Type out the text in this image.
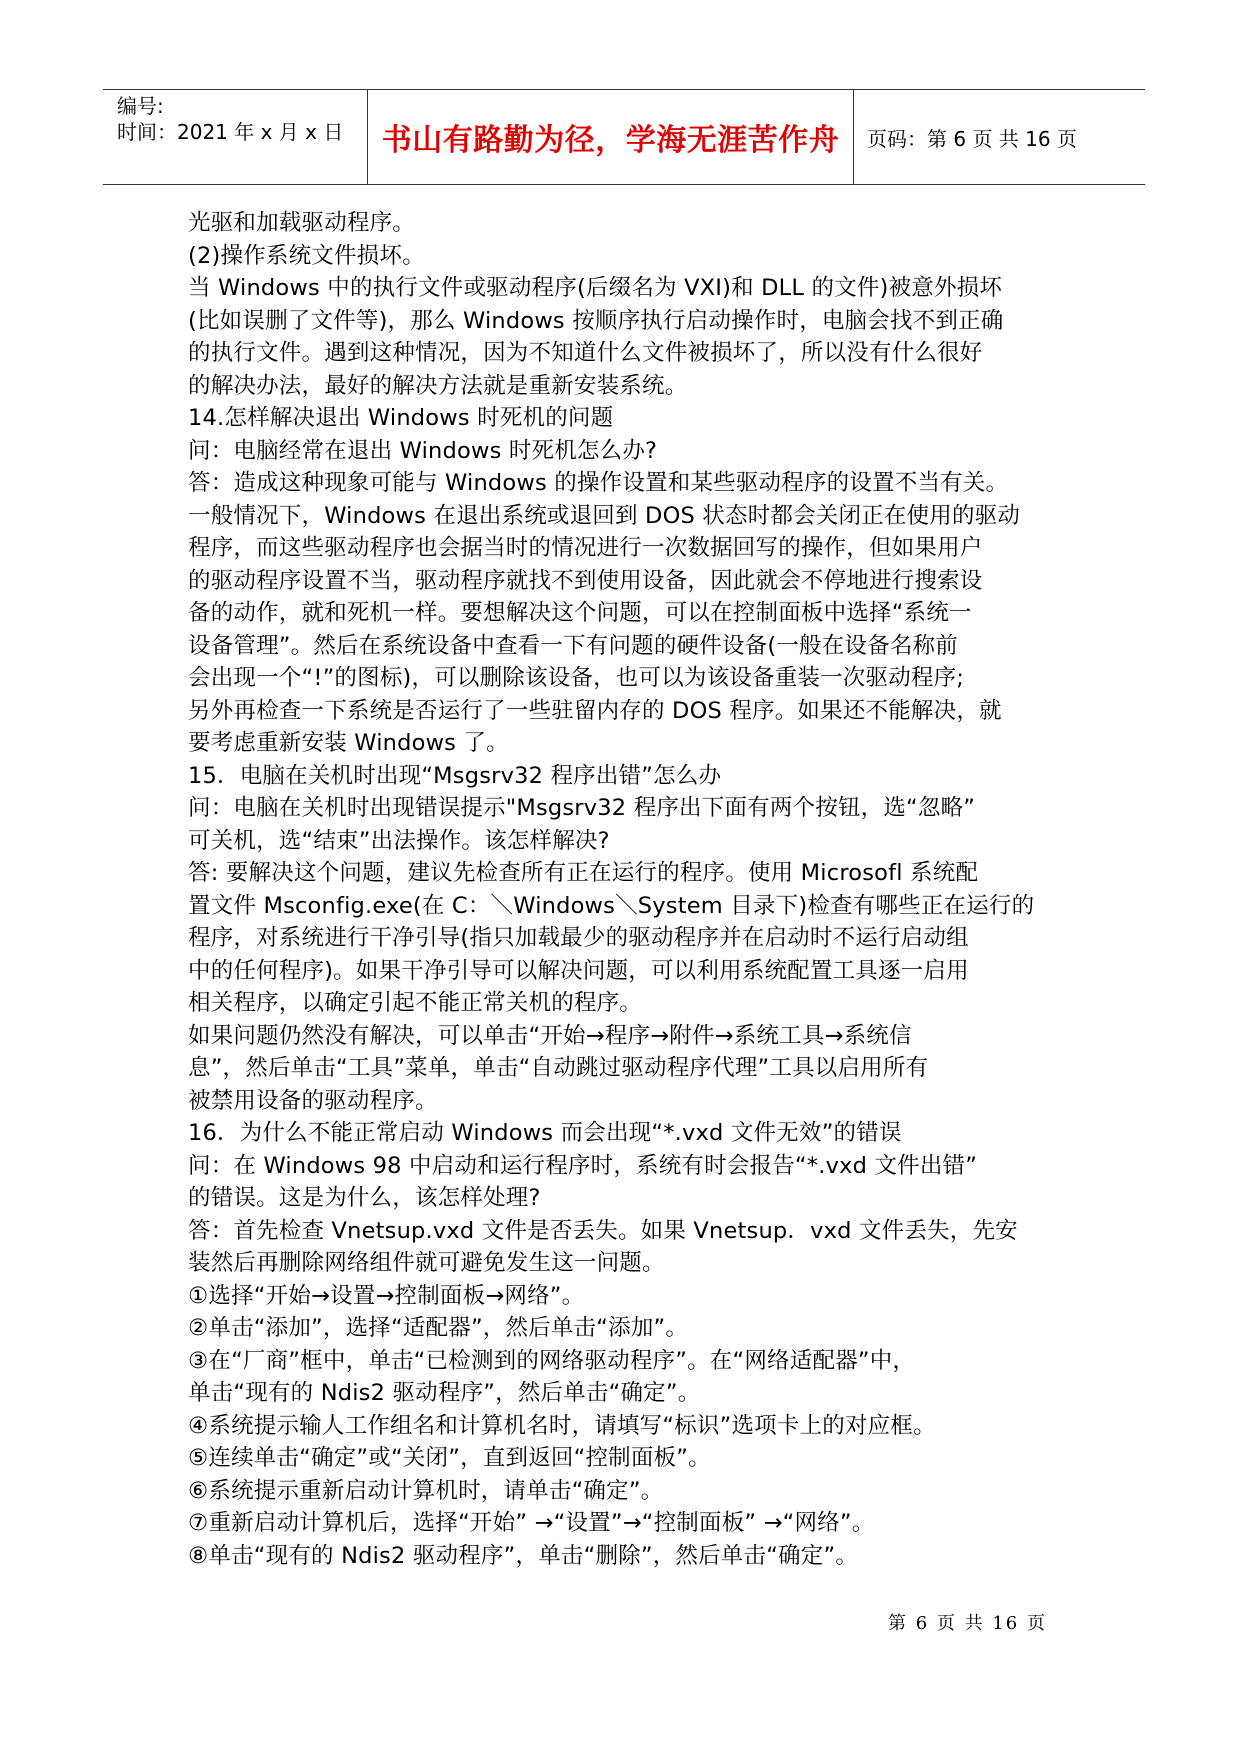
编号:
时间：2021 年 x 月 x 日 书山有路勤为径，学海无涯苦作舟 页码：第 6 页 共 16 页
光驱和加载驱动程序。
(2)操作系统文件损坏。
当 Windows 中的执行文件或驱动程序(后缀名为 VXI)和 DLL 的文件)被意外损坏
(比如误删了文件等)，那么 Windows 按顺序执行启动操作时，电脑会找不到正确
的执行文件。遇到这种情况，因为不知道什么文件被损坏了，所以没有什么很好
的解决办法，最好的解决方法就是重新安装系统。
14.怎样解决退出 Windows 时死机的问题
问：电脑经常在退出 Windows 时死机怎么办?
答：造成这种现象可能与 Windows 的操作设置和某些驱动程序的设置不当有关。
一般情况下，Windows 在退出系统或退回到 DOS 状态时都会关闭正在使用的驱动
程序，而这些驱动程序也会据当时的情况进行一次数据回写的操作，但如果用户
的驱动程序设置不当，驱动程序就找不到使用设备，因此就会不停地进行搜索设
备的动作，就和死机一样。要想解决这个问题，可以在控制面板中选择“系统一
设备管理”。然后在系统设备中查看一下有问题的硬件设备(一般在设备名称前
会出现一个“!”的图标)，可以删除该设备，也可以为该设备重装一次驱动程序;
另外再检查一下系统是否运行了一些驻留内存的 DOS 程序。如果还不能解决，就
要考虑重新安装 Windows 了。
15．电脑在关机时出现“Msgsrv32 程序出错”怎么办
问：电脑在关机时出现错误提示"Msgsrv32 程序出下面有两个按钮，选“忽略”
可关机，选“结束”出法操作。该怎样解决?
答: 要解决这个问题，建议先检查所有正在运行的程序。使用 Microsofl 系统配
置文件 Msconfig.exe(在 C：＼Windows＼System 目录下)检查有哪些正在运行的
程序，对系统进行干净引导(指只加载最少的驱动程序并在启动时不运行启动组
中的任何程序)。如果干净引导可以解决问题，可以利用系统配置工具逐一启用
相关程序，以确定引起不能正常关机的程序。
如果问题仍然没有解决，可以单击“开始→程序→附件→系统工具→系统信
息”，然后单击“工具”菜单，单击“自动跳过驱动程序代理”工具以启用所有
被禁用设备的驱动程序。
16．为什么不能正常启动 Windows 而会出现“*.vxd 文件无效”的错误
问：在 Windows 98 中启动和运行程序时，系统有时会报告“*.vxd 文件出错”
的错误。这是为什么，该怎样处理?
答：首先检查 Vnetsup.vxd 文件是否丢失。如果 Vnetsup．vxd 文件丢失，先安
装然后再删除网络组件就可避免发生这一问题。
①选择“开始→设置→控制面板→网络”。
②单击“添加”，选择“适配器”，然后单击“添加”。
③在“厂商”框中，单击“已检测到的网络驱动程序”。在“网络适配器”中，
单击“现有的 Ndis2 驱动程序”，然后单击“确定”。
④系统提示输人工作组名和计算机名时，请填写“标识”选项卡上的对应框。
⑤连续单击“确定”或“关闭”，直到返回“控制面板”。
⑥系统提示重新启动计算机时，请单击“确定”。
⑦重新启动计算机后，选择“开始” →“设置”→“控制面板” →“网络”。
⑧单击“现有的 Ndis2 驱动程序”，单击“删除”，然后单击“确定”。
第 6 页 共 16 页
